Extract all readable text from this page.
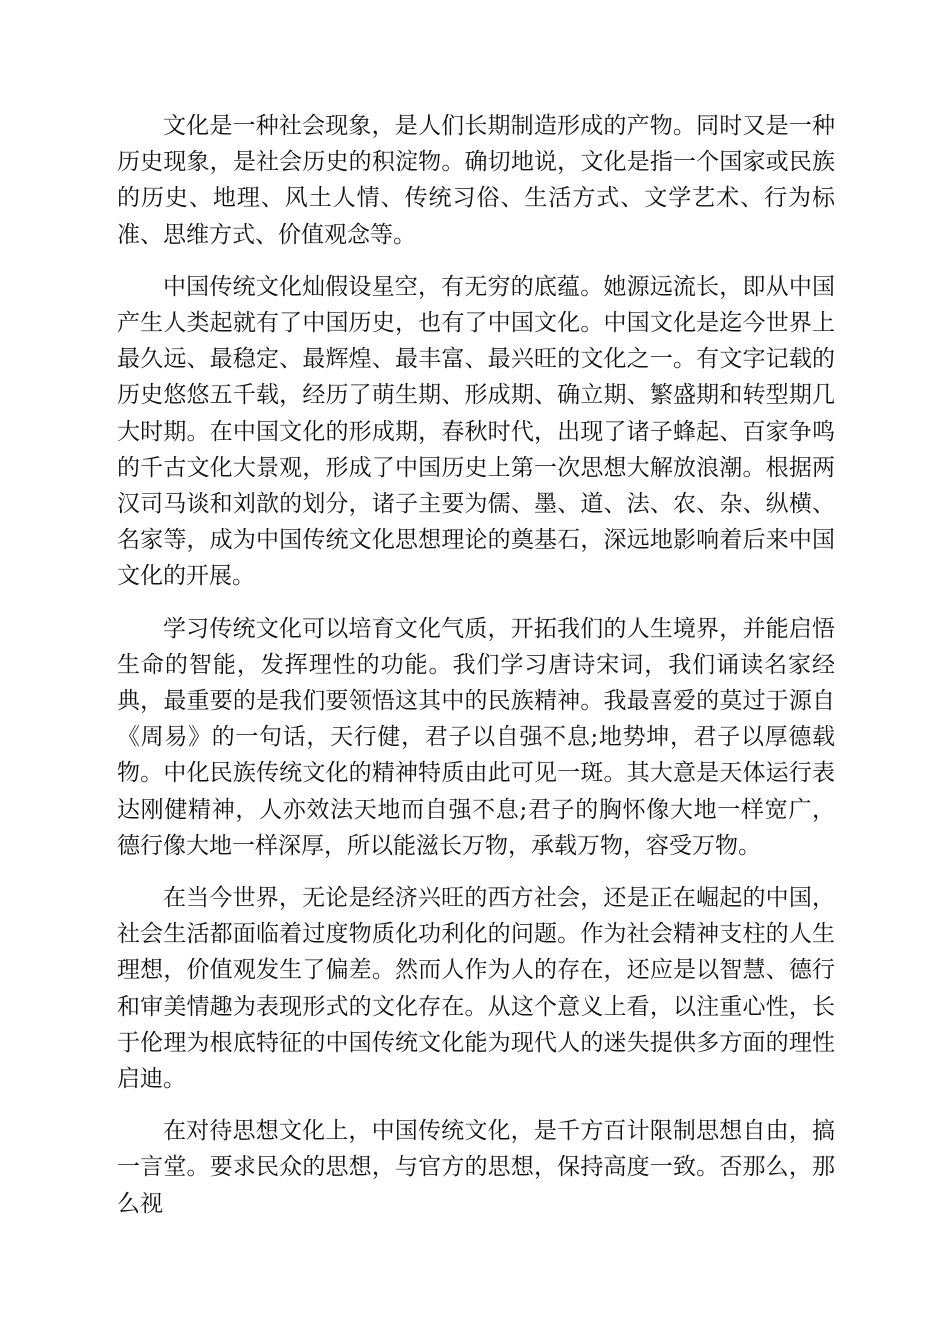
文化是一种社会现象，是人们长期制造形成的产物。同时又是一种历史现象，是社会历史的积淀物。确切地说，文化是指一个国家或民族的历史、地理、风土人情、传统习俗、生活方式、文学艺术、行为标准、思维方式、价值观念等。

中国传统文化灿假设星空，有无穷的底蕴。她源远流长，即从中国产生人类起就有了中国历史，也有了中国文化。中国文化是迄今世界上最久远、最稳定、最辉煌、最丰富、最兴旺的文化之一。有文字记载的历史悠悠五千载，经历了萌生期、形成期、确立期、繁盛期和转型期几大时期。在中国文化的形成期，春秋时代，出现了诸子蜂起、百家争鸣的千古文化大景观，形成了中国历史上第一次思想大解放浪潮。根据两汉司马谈和刘歆的划分，诸子主要为儒、墨、道、法、农、杂、纵横、名家等，成为中国传统文化思想理论的奠基石，深远地影响着后来中国文化的开展。

学习传统文化可以培育文化气质，开拓我们的人生境界，并能启悟生命的智能，发挥理性的功能。我们学习唐诗宋词，我们诵读名家经典，最重要的是我们要领悟这其中的民族精神。我最喜爱的莫过于源自《周易》的一句话，天行健，君子以自强不息;地势坤，君子以厚德载物。中化民族传统文化的精神特质由此可见一斑。其大意是天体运行表达刚健精神，人亦效法天地而自强不息;君子的胸怀像大地一样宽广，德行像大地一样深厚，所以能滋长万物，承载万物，容受万物。

在当今世界，无论是经济兴旺的西方社会，还是正在崛起的中国，社会生活都面临着过度物质化功利化的问题。作为社会精神支柱的人生理想，价值观发生了偏差。然而人作为人的存在，还应是以智慧、德行和审美情趣为表现形式的文化存在。从这个意义上看，以注重心性，长于伦理为根底特征的中国传统文化能为现代人的迷失提供多方面的理性启迪。

在对待思想文化上，中国传统文化，是千方百计限制思想自由，搞一言堂。要求民众的思想，与官方的思想，保持高度一致。否那么，那么视
